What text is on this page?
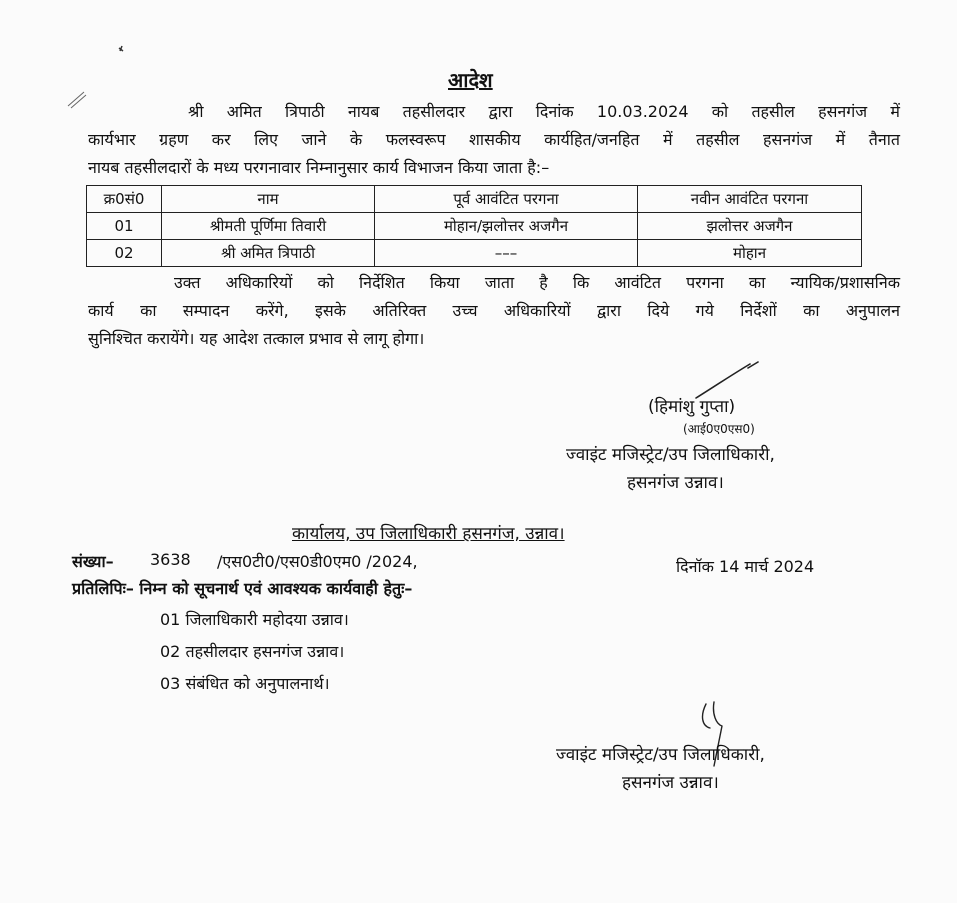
आदेश
श्री अमित त्रिपाठी नायब तहसीलदार द्वारा दिनांक 10.03.2024 को तहसील हसनगंज में
कार्यभार ग्रहण कर लिए जाने के फलस्वरूप शासकीय कार्यहित/जनहित में तहसील हसनगंज में तैनात
नायब तहसीलदारों के मध्य परगनावार निम्नानुसार कार्य विभाजन किया जाता है:–
क्र0सं0	नाम	पूर्व आवंटित परगना	नवीन आवंटित परगना
01	श्रीमती पूर्णिमा तिवारी	मोहान/झलोत्तर अजगैन	झलोत्तर अजगैन
02	श्री अमित त्रिपाठी	–––	मोहान
उक्त अधिकारियों को निर्देशित किया जाता है कि आवंटित परगना का न्यायिक/प्रशासनिक
कार्य का सम्पादन करेंगे, इसके अतिरिक्त उच्च अधिकारियों द्वारा दिये गये निर्देशों का अनुपालन
सुनिश्चित करायेंगे। यह आदेश तत्काल प्रभाव से लागू होगा।
(हिमांशु गुप्ता)
(आई0ए0एस0)
ज्वाइंट मजिस्ट्रेट/उप जिलाधिकारी,
हसनगंज उन्नाव।
कार्यालय, उप जिलाधिकारी हसनगंज, उन्नाव।
संख्या– 3638 /एस0टी0/एस0डी0एम0 /2024,	दिनॉक 14 मार्च 2024
प्रतिलिपिः– निम्न को सूचनार्थ एवं आवश्यक कार्यवाही हेतुः–
01 जिलाधिकारी महोदया उन्नाव।
02 तहसीलदार हसनगंज उन्नाव।
03 संबंधित को अनुपालनार्थ।
ज्वाइंट मजिस्ट्रेट/उप जिलाधिकारी,
हसनगंज उन्नाव।
